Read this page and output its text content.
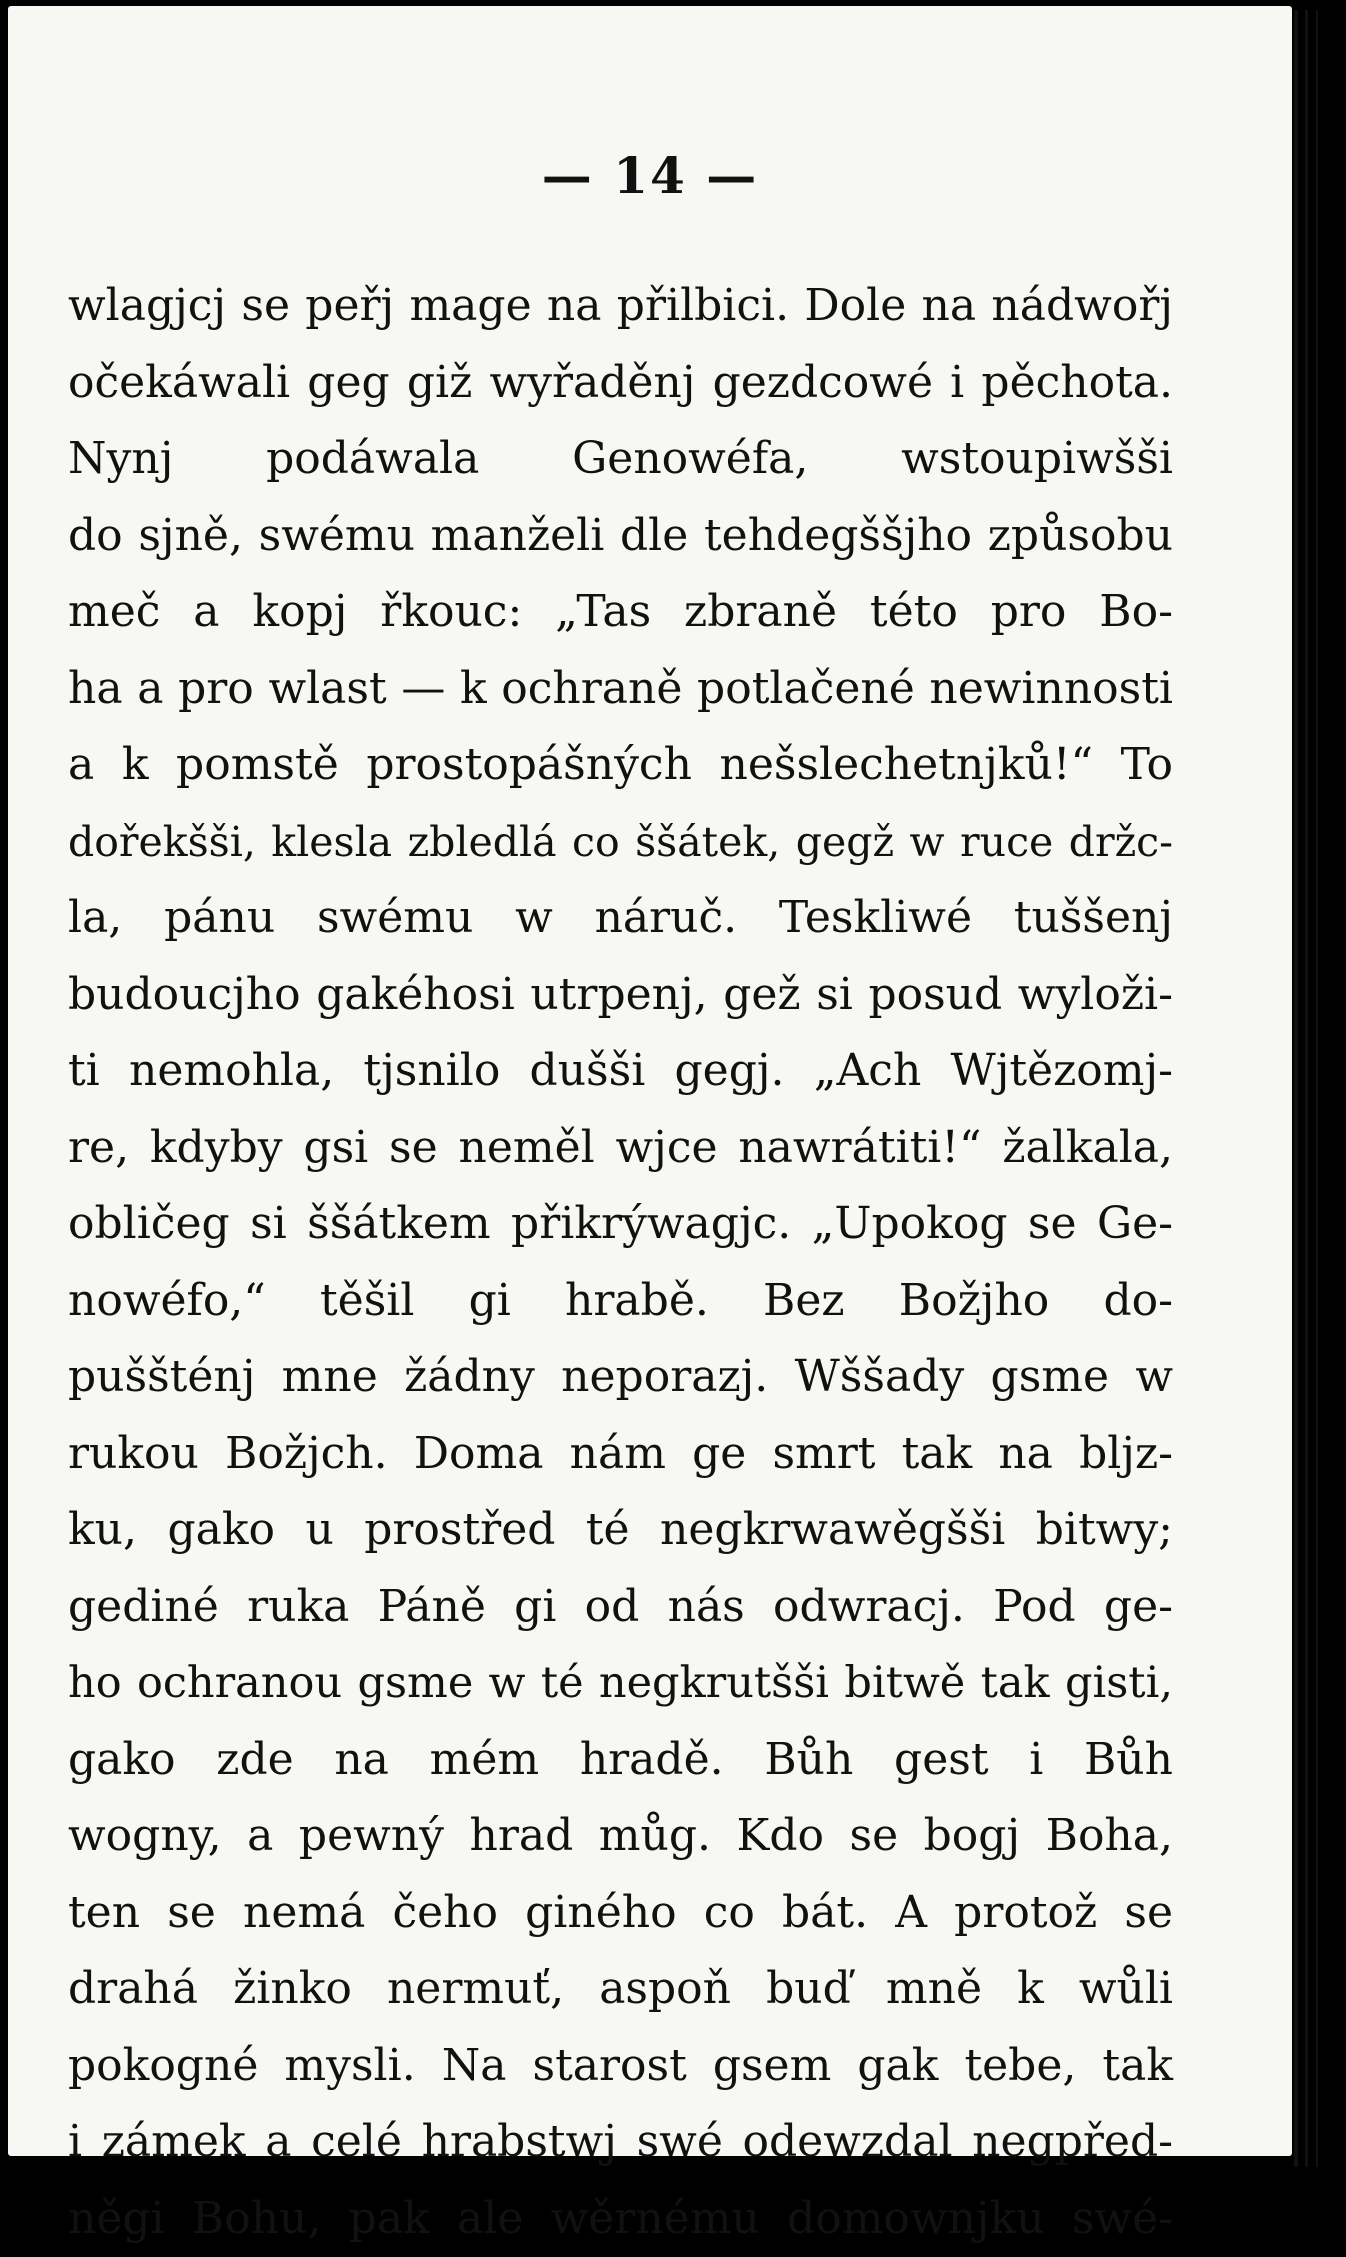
— 14 —
wlagjcj se peřj mage na přilbici. Dole na nádwořj
očekáwali geg giž wyřaděnj gezdcowé i pěchota.
Nynj podáwala Genowéfa, wstoupiwšši
do sjně, swému manželi dle tehdegššjho způsobu
meč a kopj řkouc: „Tas zbraně této pro Bo-
ha a pro wlast — k ochraně potlačené newinnosti
a k pomstě prostopášných nešslechetnjků!“ To
dořekšši, klesla zbledlá co ššátek, gegž w ruce držc-
la, pánu swému w náruč. Teskliwé tuššenj
budoucjho gakéhosi utrpenj, gež si posud wyloži-
ti nemohla, tjsnilo dušši gegj. „Ach Wjtězomj-
re, kdyby gsi se neměl wjce nawrátiti!“ žalkala,
obličeg si ššátkem přikrýwagjc. „Upokog se Ge-
nowéfo,“ těšil gi hrabě. Bez Božjho do-
puššténj mne žádny neporazj. Wššady gsme w
rukou Božjch. Doma nám ge smrt tak na bljz-
ku, gako u prostřed té negkrwawěgšši bitwy;
gediné ruka Páně gi od nás odwracj. Pod ge-
ho ochranou gsme w té negkrutšši bitwě tak gisti,
gako zde na mém hradě. Bůh gest i Bůh
wogny, a pewný hrad můg. Kdo se bogj Boha,
ten se nemá čeho giného co bát. A protož se
drahá žinko nermuť, aspoň buď mně k wůli
pokogné mysli. Na starost gsem gak tebe, tak
i zámek a celé hrabstwj swé odewzdal negpřed-
něgi Bohu, pak ale wěrnému domownjku swé-
